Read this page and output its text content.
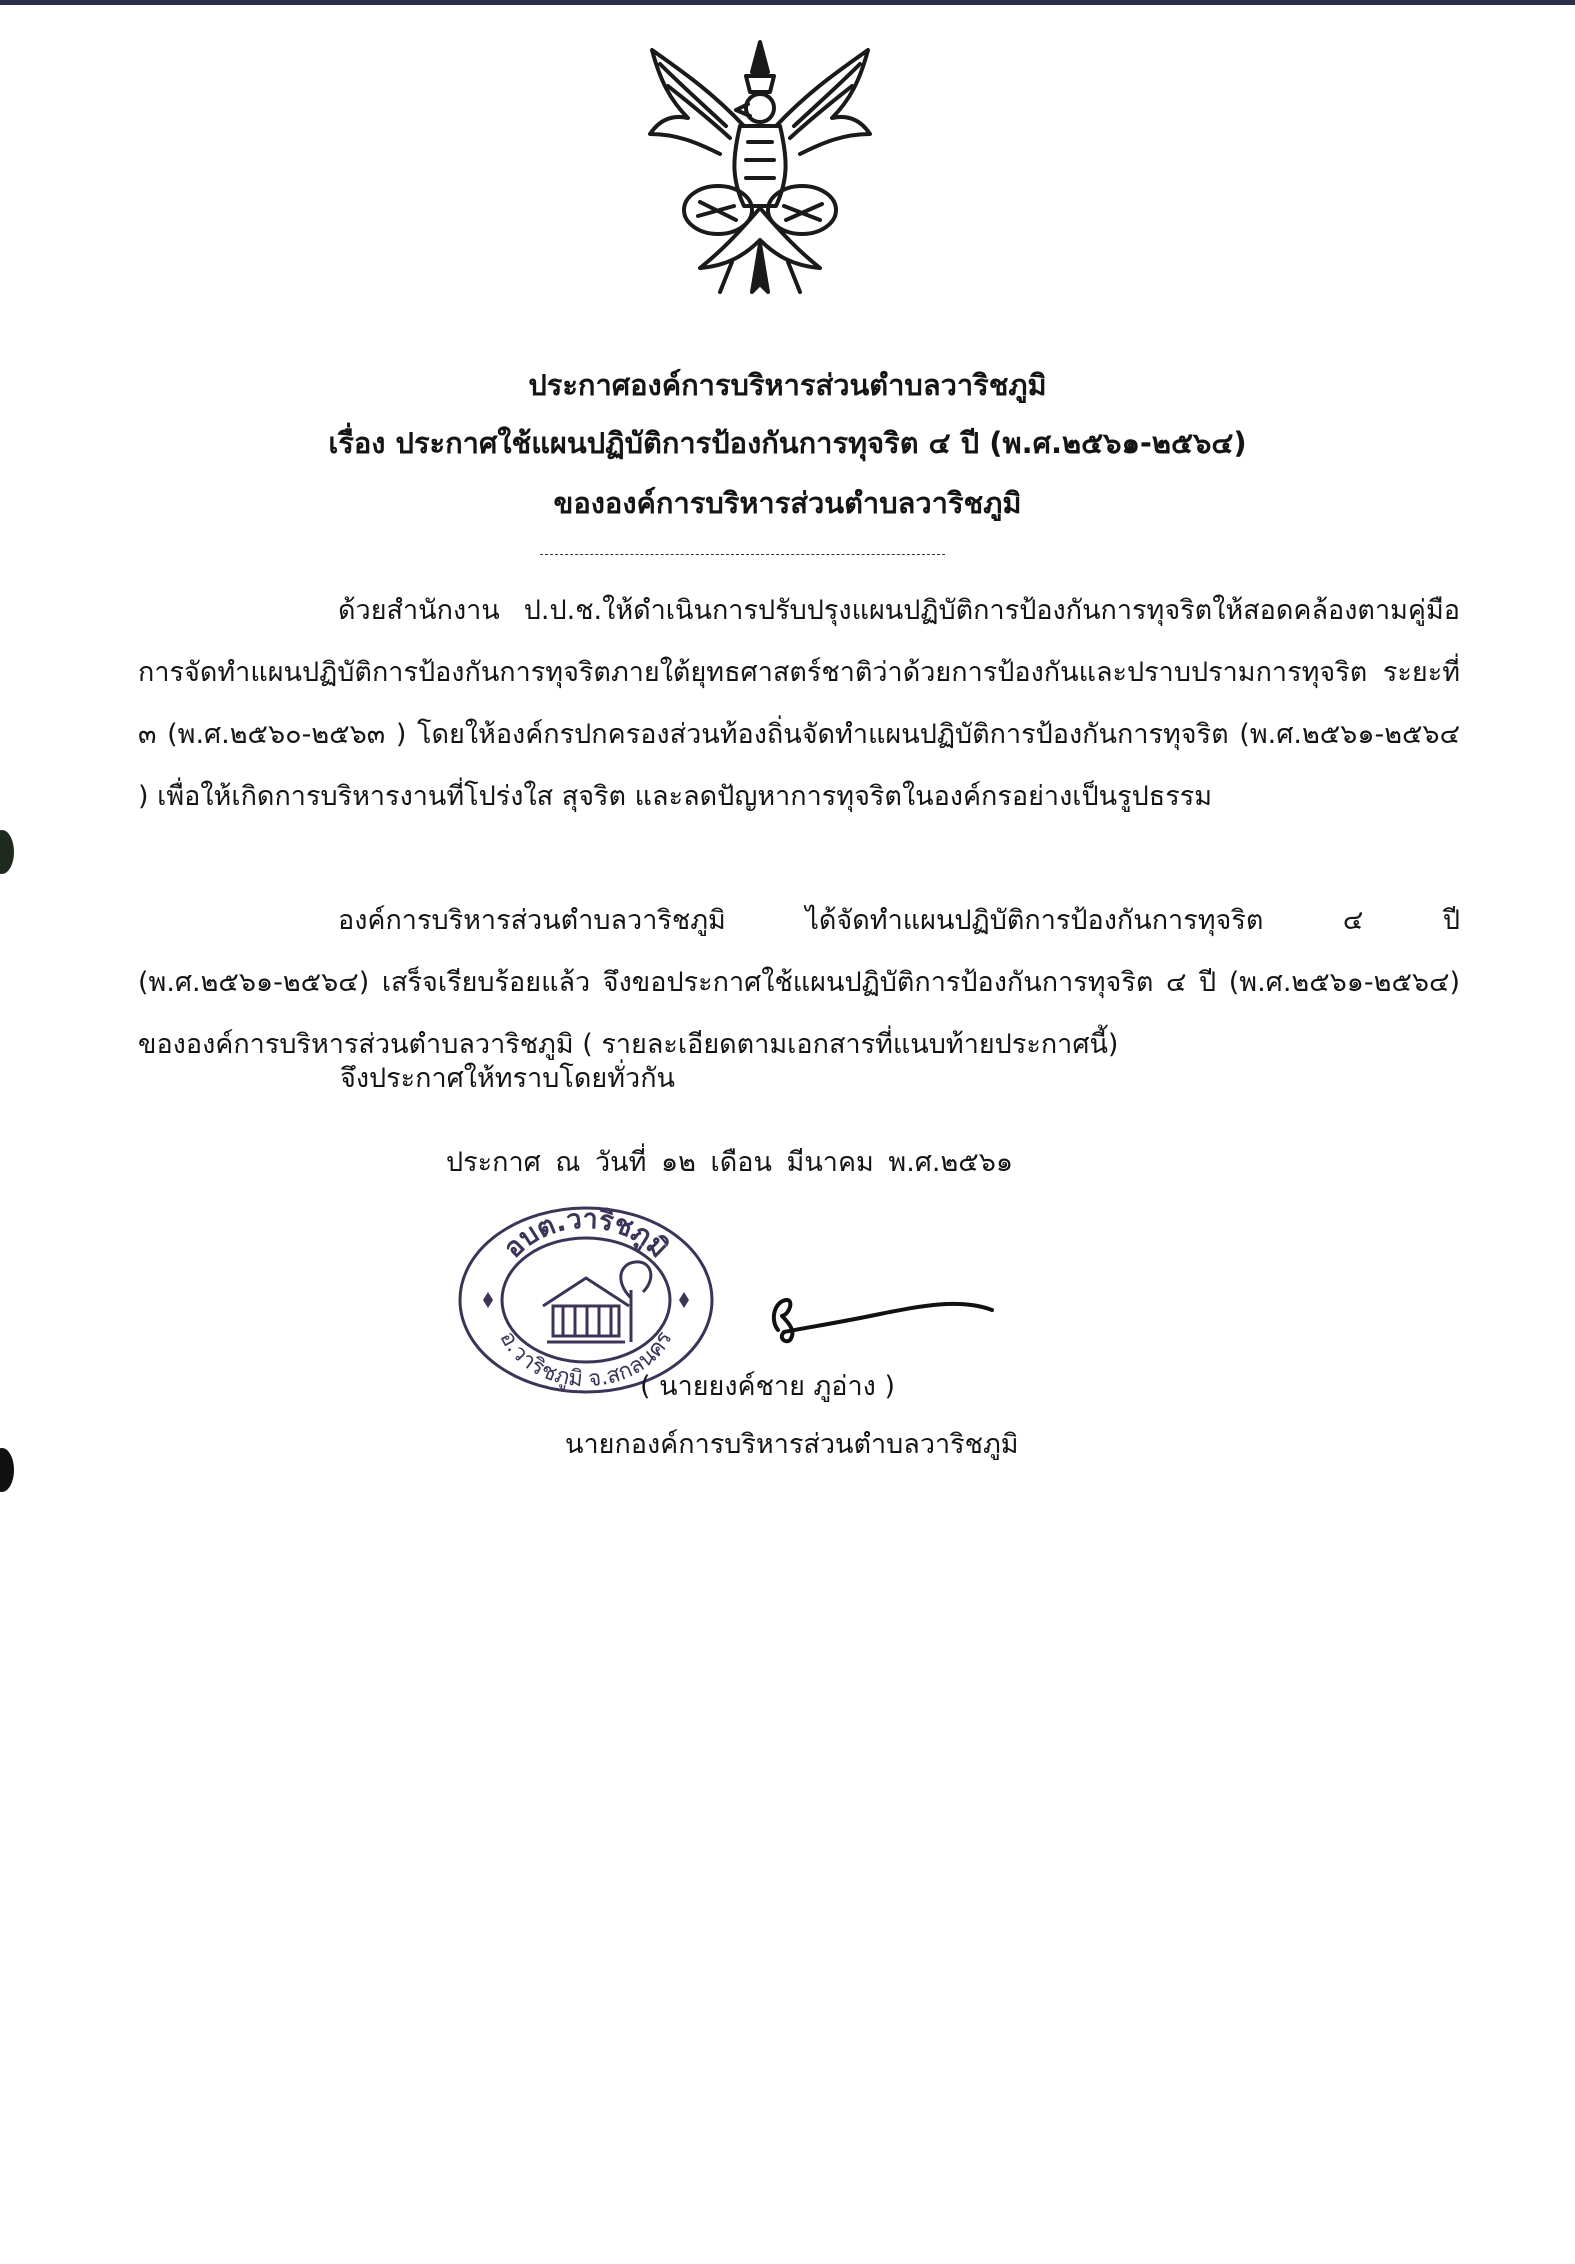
ประกาศองค์การบริหารส่วนตำบลวาริชภูมิ
เรื่อง ประกาศใช้แผนปฏิบัติการป้องกันการทุจริต ๔ ปี (พ.ศ.๒๕๖๑-๒๕๖๔)
ขององค์การบริหารส่วนตำบลวาริชภูมิ
ด้วยสำนักงาน ป.ป.ช.ให้ดำเนินการปรับปรุงแผนปฏิบัติการป้องกันการทุจริตให้สอดคล้องตามคู่มือการจัดทำแผนปฏิบัติการป้องกันการทุจริตภายใต้ยุทธศาสตร์ชาติว่าด้วยการป้องกันและปราบปรามการทุจริต ระยะที่ ๓ (พ.ศ.๒๕๖๐-๒๕๖๓ ) โดยให้องค์กรปกครองส่วนท้องถิ่นจัดทำแผนปฏิบัติการป้องกันการทุจริต (พ.ศ.๒๕๖๑-๒๕๖๔ ) เพื่อให้เกิดการบริหารงานที่โปร่งใส สุจริต และลดปัญหาการทุจริตในองค์กรอย่างเป็นรูปธรรม
องค์การบริหารส่วนตำบลวาริชภูมิ ได้จัดทำแผนปฏิบัติการป้องกันการทุจริต ๔ ปี (พ.ศ.๒๕๖๑-๒๕๖๔) เสร็จเรียบร้อยแล้ว จึงขอประกาศใช้แผนปฏิบัติการป้องกันการทุจริต ๔ ปี (พ.ศ.๒๕๖๑-๒๕๖๔) ขององค์การบริหารส่วนตำบลวาริชภูมิ ( รายละเอียดตามเอกสารที่แนบท้ายประกาศนี้)
จึงประกาศให้ทราบโดยทั่วกัน
ประกาศ ณ วันที่ ๑๒ เดือน มีนาคม พ.ศ.๒๕๖๑
อบต.วาริชภูมิ
อ.วาริชภูมิ จ.สกลนคร
( นายยงค์ชาย ภูอ่าง )
นายกองค์การบริหารส่วนตำบลวาริชภูมิ
